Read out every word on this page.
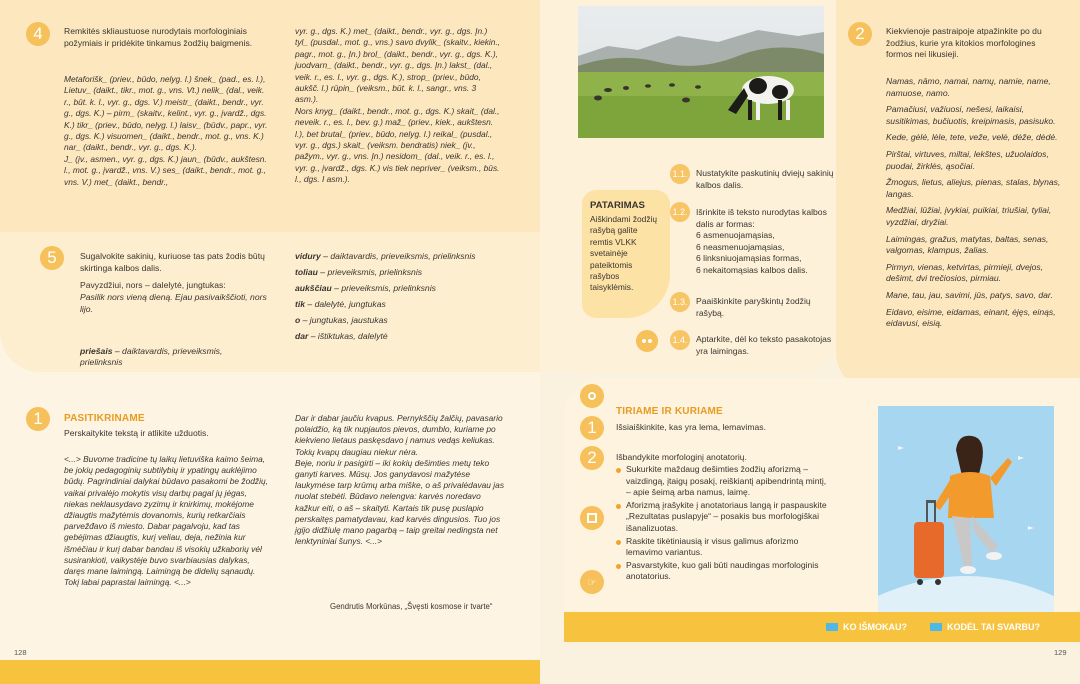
4	Remkitės skliaustuose nurodytais morfologiniais požymiais ir pridėkite tinkamus žodžių baigmenis.
Metaforišk_ (priev., būdo, nelyg. l.) šnek_ (pad., es. l.), Lietuv_ (daikt., tikr., mot. g., vns. Vt.) nelik_ (dal., veik. r., būt. k. l., vyr. g., dgs. V.) meistr_ (daikt., bendr., vyr. g., dgs. K.) – pirm_ (skaitv., kelint., vyr. g., įvardž., dgs. K.) tikr_ (priev., būdo, nelyg. l.) laisv_ (būdv., papr., vyr. g., dgs. K.) visuomen_ (daikt., bendr., mot. g., vns. K.) nar_ (daikt., bendr., vyr. g., dgs. K.).
J_ (įv., asmen., vyr. g., dgs. K.) jaun_ (būdv., aukštesn. l., mot. g., įvardž., vns. V.) ses_ (daikt., bendr., mot. g., vns. V.) met_ (daikt., bendr.,
vyr. g., dgs. K.) met_ (daikt., bendr., vyr. g., dgs. Įn.) tyl_ (pusdal., mot. g., vns.) savo dvylik_ (skaitv., kiekin., pagr., mot. g., Įn.) brol_ (daikt., bendr., vyr. g., dgs. K.), juodvarn_ (daikt., bendr., vyr. g., dgs. Įn.) lakst_ (dal., veik. r., es. l., vyr. g., dgs. K.), strop_ (priev., būdo, aukšč. l.) rūpin_ (veiksm., būt. k. l., sangr., vns. 3 asm.).
Nors knyg_ (daikt., bendr., mot. g., dgs. K.) skait_ (dal., neveik. r., es. l., bev. g.) maž_ (priev., kiek., aukštesn. l.), bet brutal_ (priev., būdo, nelyg. l.) reikal_ (pusdal., vyr. g., dgs.) skait_ (veiksm. bendratis) niek_ (įv., pažym., vyr. g., vns. Įn.) nesidom_ (dal., veik. r., es. l., vyr. g., įvardž., dgs. K.) vis tiek nepriver_ (veiksm., būs. l., dgs. I asm.).
5	Sugalvokite sakinių, kuriuose tas pats žodis būtų skirtinga kalbos dalis.
Pavyzdžiui, nors – dalelytė, jungtukas:
Pasilik nors vieną dieną. Ejau pasivaikščioti, nors lijo.

priešais – daiktavardis, prieveiksmis, prielinksnis

vidury – daiktavardis, prieveiksmis, prielinksnis
toliau – prieveiksmis, prielinksnis
aukščiau – prieveiksmis, prielinksnis
tik – dalelytė, jungtukas
o – jungtukas, jaustukas
dar – ištiktukas, dalelytė
1	PASITIKRINAME
Perskaitykite tekstą ir atlikite užduotis.
<...> Buvome tradicine tų laikų lietuviška kaimo šeima, be jokių pedagoginių subtilybių ir ypatingų auklėjimo būdų. Pagrindiniai dalykai būdavo pasakomi be žodžių, vaikai privalėjo mokytis visų darbų pagal jų jėgas, niekas neklausydavo zyzimų ir knirkimų, mokėjome džiaugtis mažytėmis dovanomis, kurių retkarčiais parvežđavo iš miesto. Dabar pagalvoju, kad tas gebėjimas džiaugtis, kurį veliau, deja, nežinia kur išmėčiau ir kurį dabar bandau iš visokių užkaborių vėl susirankioti, vaikystėje buvo svarbiausias dalykas, daręs mane laimingą. Laimingą be didelių sąnaudų. Tokį labai paprastai laimingą. <...>
Dar ir dabar jaučiu kvapus. Pernykščių žalčių, pavasario polaidžio, ką tik nupjautos pievos, dumblo, kuriame po kiekvieno lietaus paskęsdavo į namus vedąs keliukas. Tokių kvapų daugiau niekur nėra.
Beje, noriu ir pasigirti – iki kokių dešimties metų teko ganyti karves. Mūsų. Jos ganydavosi mažytėse laukymėse tarp krūmų arba miške, o aš privalėdavau jas nuolat stebėti. Būdavo nelengva: karvės noredavo kažkur eiti, o aš – skaityti. Kartais tik pusę puslapio perskaitęs pamatydavau, kad karvės dingusios. Tuo jos įgijo didžiulę mano pagarbą – taip greitai nedingsta net lenktyniniai šunys. <...>
Gendrutis Morkūnas, „Švęsti kosmose ir tvarte“
128
PATARIMAS
Aiškindami žodžių rašybą galite remtis VLKK svetainėje pateiktomis rašybos taisyklėmis.
1.1. Nustatykite paskutinių dviejų sakinių kalbos dalis.
1.2. Išrinkite iš teksto nurodytas kalbos dalis ar formas:
6 asmenuojamąsias,
6 neasmenuojamąsias,
6 linksniuojamąsias formas,
6 nekaitomąsias kalbos dalis.
1.3. Paaiškinkite paryškintų žodžių rašybą.
1.4. Aptarkite, dėl ko teksto pasakotojas yra laimingas.
2	Kiekvienoje pastraipoje atpažinkite po du žodžius, kurie yra kitokios morfologines formos nei likusieji.
Namas, nāmo, namai, namų, namie, name, namuose, namo.
Pamačiusi, važiuosi, nešesi, laikaisi, susitikimas, bučiuotis, kreipimasis, pasisuko.
Kede, gėlė, lėle, tete, veže, velė, dėže, dėdė.
Pirštai, virtuves, miltai, lekštes, užuolaidos, puodai, žirklės, ąsočiai.
Žmogus, lietus, aliejus, pienas, stalas, blynas, langas.
Medžiai, lūžiai, įvykiai, puikiai, triušiai, tyliai, vyzdžiai, dryžiai.
Laimingas, gražus, matytas, baltas, senas, valgomas, klampus, žalias.
Pirmyn, vienas, ketvirtas, pirmieji, dvejos, dešimt, dvi trečiosios, pirmiau.
Mane, tau, jau, savimi, jūs, patys, savo, dar.
Eidavo, eisime, eidamas, einant, ėjęs, einąs, eidavusi, eisią.
TIRIAME IR KURIAME
1	Išsiaiškinkite, kas yra lema, lemavimas.
2	Išbandykite morfologinį anotatorių.
Sukurkite maždaug dešimties žodžių aforizmą – vaizdingą, įtaigų posakį, reiškiantį apibendrintą mintį, – apie šeimą arba namus, laimę.
Aforizmą įrašykite į anotatoriaus langą ir paspauskite „Rezultatas puslapyje“ – posakis bus morfologiškai išanalizuotas.
Raskite tikėtiniausią ir visus galimus aforizmo lemavimo variantus.
Pasvarstykite, kuo gali būti naudingas morfologinis anotatorius.
☞
KO IŠMOKAU?	KODĖL TAI SVARBU?
129
